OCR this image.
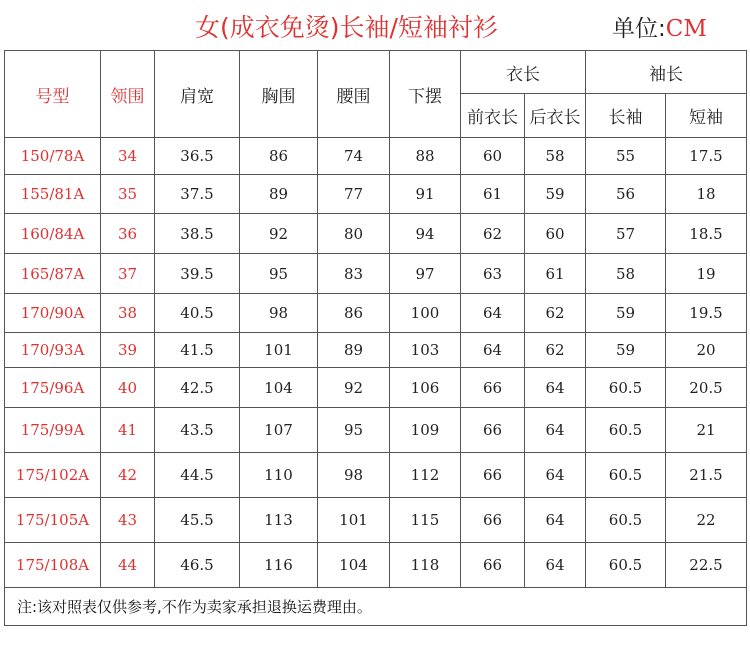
女(成衣免烫)长袖/短袖衬衫	单位:CM
号型	领围	肩宽	胸围	腰围	下摆	衣长		袖长	
						前衣长	后衣长	长袖	短袖
150/78A	34	36.5	86	74	88	60	58	55	17.5
155/81A	35	37.5	89	77	91	61	59	56	18
160/84A	36	38.5	92	80	94	62	60	57	18.5
165/87A	37	39.5	95	83	97	63	61	58	19
170/90A	38	40.5	98	86	100	64	62	59	19.5
170/93A	39	41.5	101	89	103	64	62	59	20
175/96A	40	42.5	104	92	106	66	64	60.5	20.5
175/99A	41	43.5	107	95	109	66	64	60.5	21
175/102A	42	44.5	110	98	112	66	64	60.5	21.5
175/105A	43	45.5	113	101	115	66	64	60.5	22
175/108A	44	46.5	116	104	118	66	64	60.5	22.5
注:该对照表仅供参考,不作为卖家承担退换运费理由。									
